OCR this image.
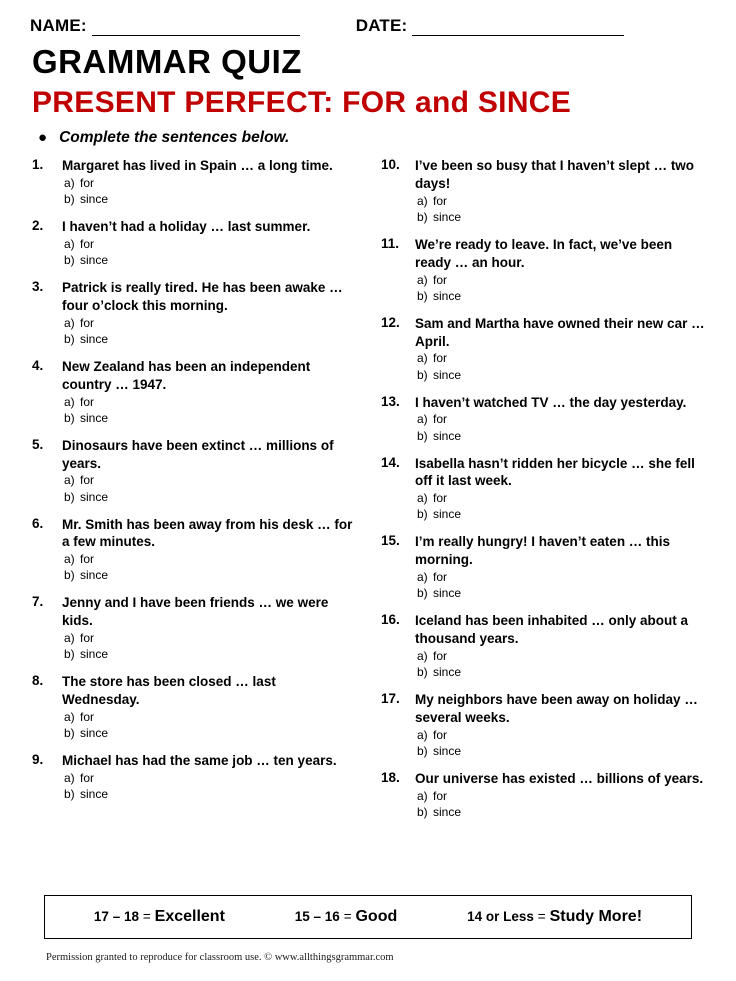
NAME:	DATE:
GRAMMAR QUIZ
PRESENT PERFECT: FOR and SINCE
● Complete the sentences below.
1.	Margaret has lived in Spain … a long time.
a) for
b) since
2.	I haven’t had a holiday … last summer.
a) for
b) since
3.	Patrick is really tired. He has been awake … four o’clock this morning.
a) for
b) since
4.	New Zealand has been an independent country … 1947.
a) for
b) since
5.	Dinosaurs have been extinct … millions of years.
a) for
b) since
6.	Mr. Smith has been away from his desk … for a few minutes.
a) for
b) since
7.	Jenny and I have been friends … we were kids.
a) for
b) since
8.	The store has been closed … last Wednesday.
a) for
b) since
9.	Michael has had the same job … ten years.
a) for
b) since
10.	I’ve been so busy that I haven’t slept … two days!
a) for
b) since
11.	We’re ready to leave. In fact, we’ve been ready … an hour.
a) for
b) since
12.	Sam and Martha have owned their new car … April.
a) for
b) since
13.	I haven’t watched TV … the day yesterday.
a) for
b) since
14.	Isabella hasn’t ridden her bicycle … she fell off it last week.
a) for
b) since
15.	I’m really hungry! I haven’t eaten … this morning.
a) for
b) since
16.	Iceland has been inhabited … only about a thousand years.
a) for
b) since
17.	My neighbors have been away on holiday … several weeks.
a) for
b) since
18.	Our universe has existed … billions of years.
a) for
b) since
17 – 18 = Excellent	15 – 16 = Good	14 or Less = Study More!
Permission granted to reproduce for classroom use. © www.allthingsgrammar.com
